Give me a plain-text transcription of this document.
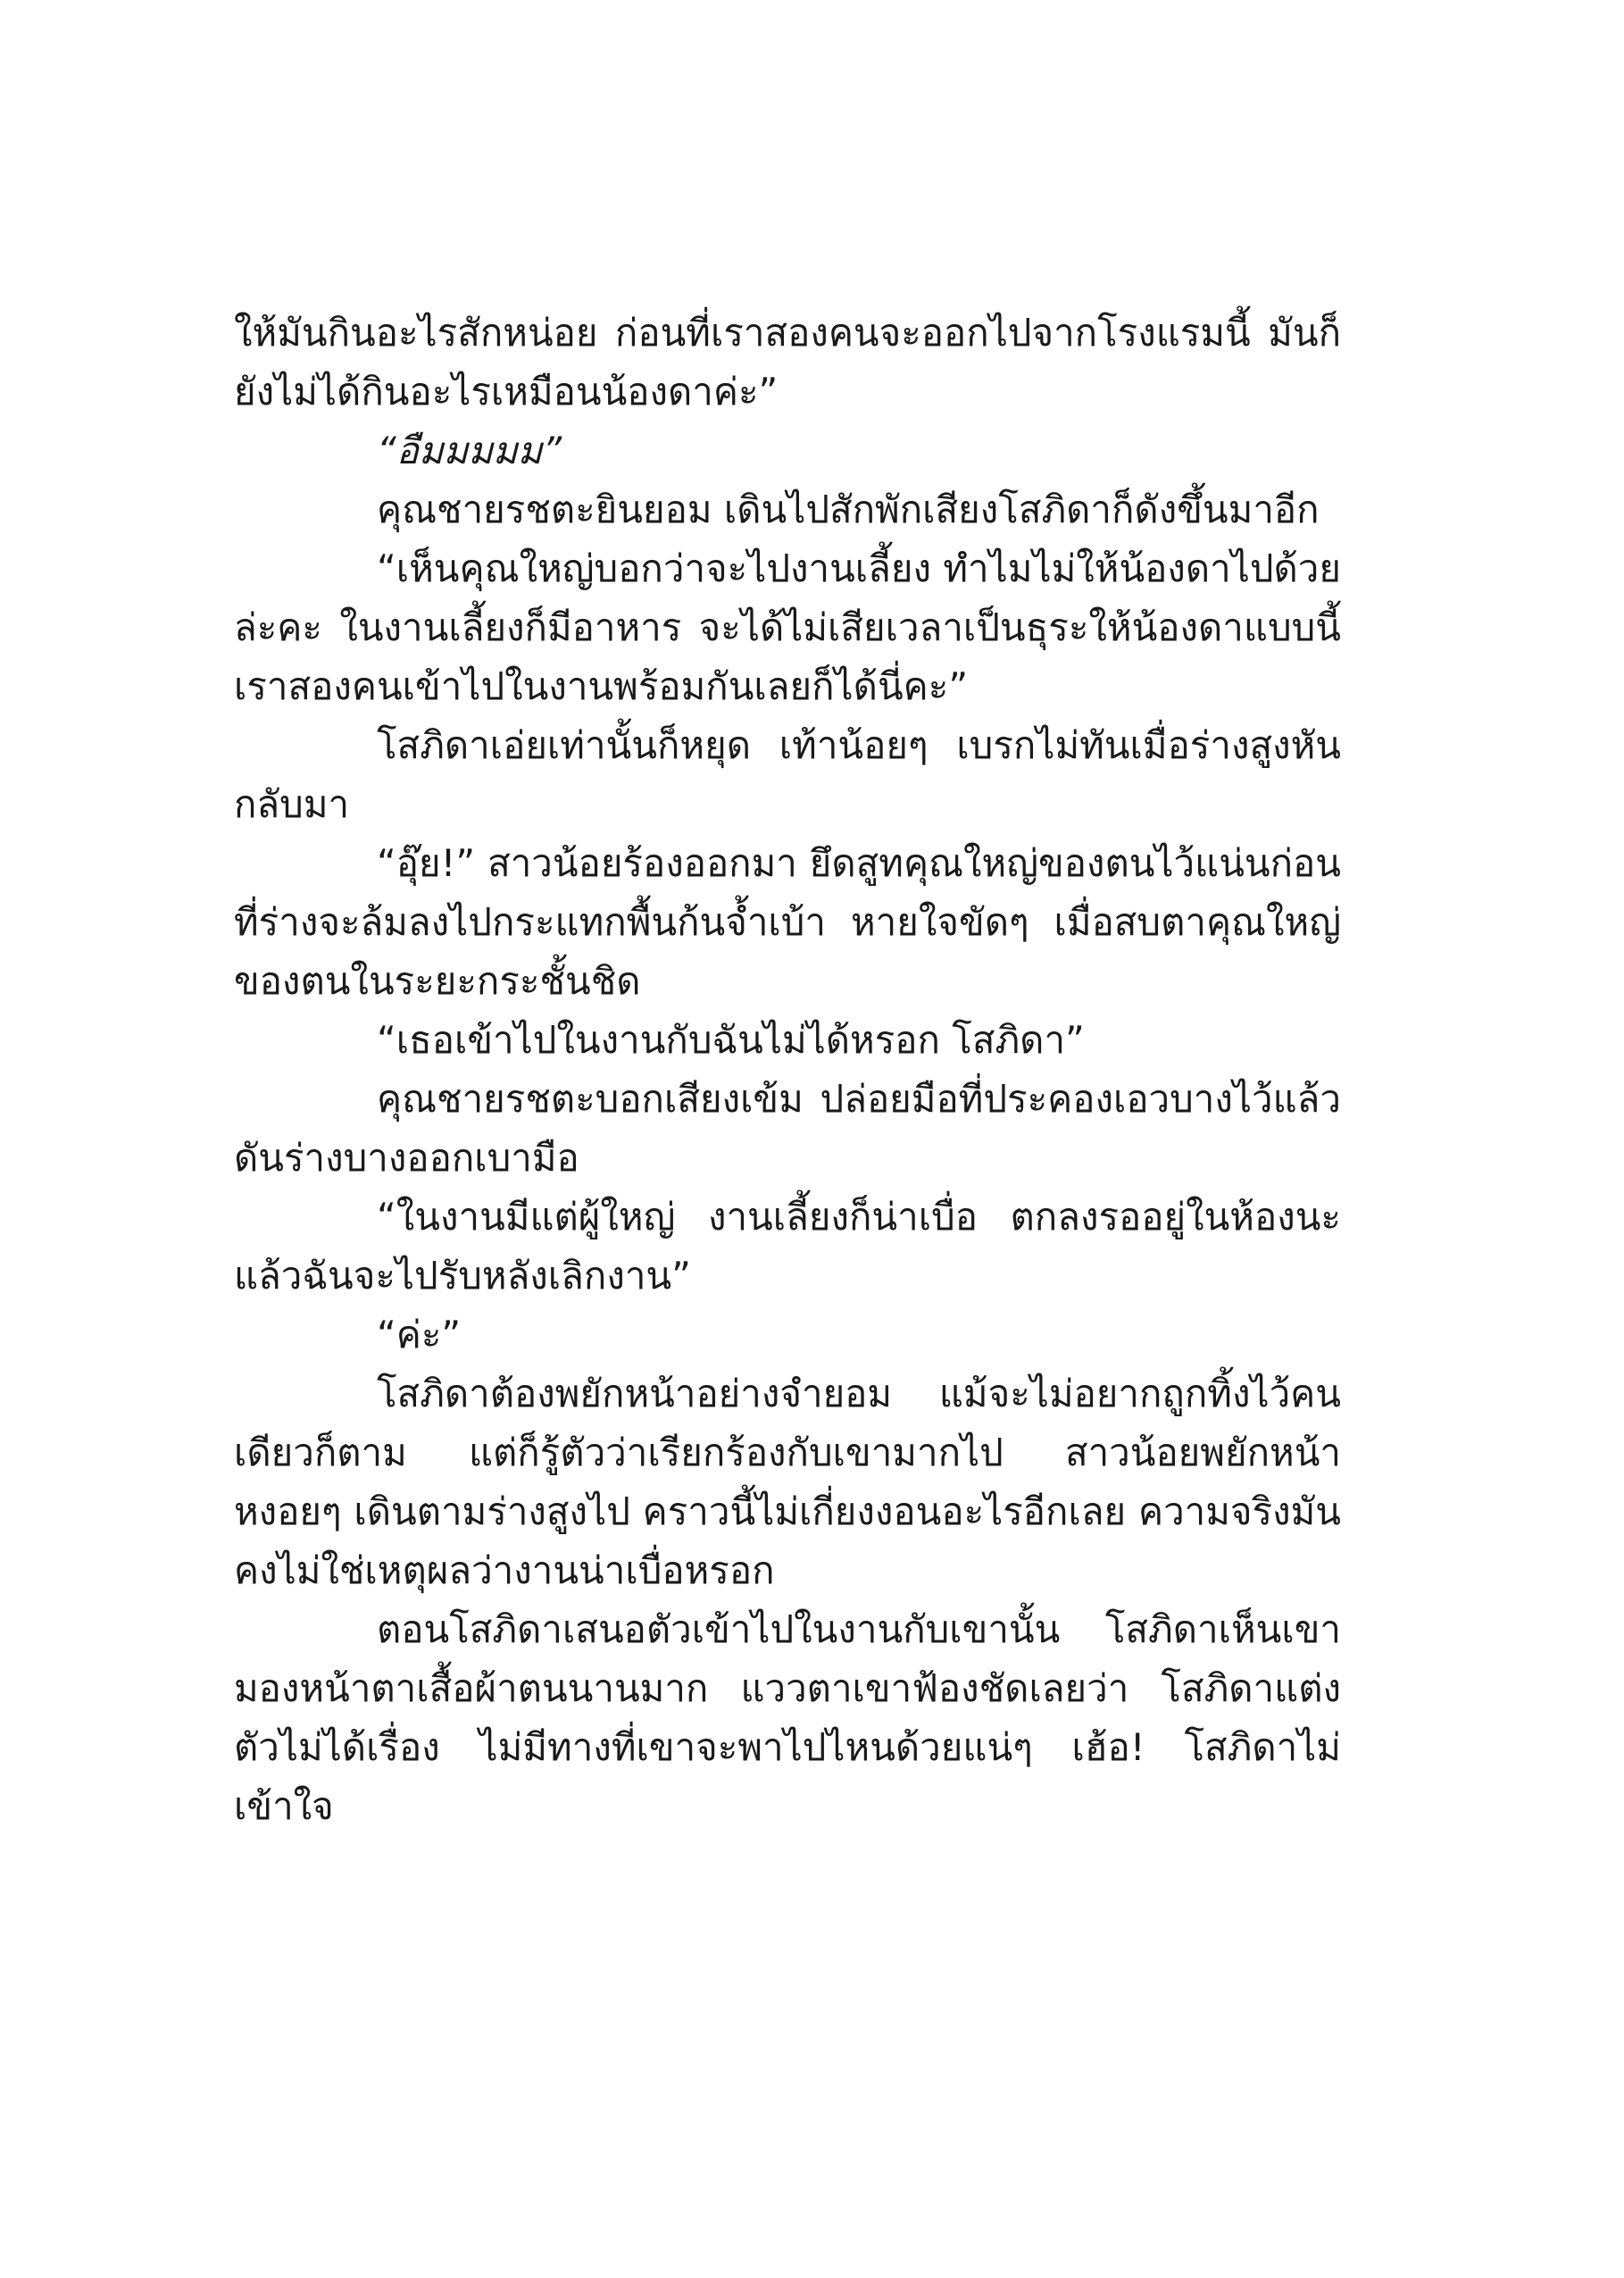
ให้มันกินอะไรสักหน่อย ก่อนที่เราสองคนจะออกไปจากโรงแรมนี้ มันก็ยังไม่ได้กินอะไรเหมือนน้องดาค่ะ”

“อืมมมมม”

คุณชายรชตะยินยอม เดินไปสักพักเสียงโสภิดาก็ดังขึ้นมาอีก

“เห็นคุณใหญ่บอกว่าจะไปงานเลี้ยง ทำไมไม่ให้น้องดาไปด้วยล่ะคะ ในงานเลี้ยงก็มีอาหาร จะได้ไม่เสียเวลาเป็นธุระให้น้องดาแบบนี้ เราสองคนเข้าไปในงานพร้อมกันเลยก็ได้นี่คะ”

โสภิดาเอ่ยเท่านั้นก็หยุด เท้าน้อยๆ เบรกไม่ทันเมื่อร่างสูงหันกลับมา

“อุ๊ย!” สาวน้อยร้องออกมา ยึดสูทคุณใหญ่ของตนไว้แน่นก่อนที่ร่างจะล้มลงไปกระแทกพื้นก้นจ้ำเบ้า หายใจขัดๆ เมื่อสบตาคุณใหญ่ของตนในระยะกระชั้นชิด

“เธอเข้าไปในงานกับฉันไม่ได้หรอก โสภิดา”

คุณชายรชตะบอกเสียงเข้ม ปล่อยมือที่ประคองเอวบางไว้แล้วดันร่างบางออกเบามือ

“ในงานมีแต่ผู้ใหญ่ งานเลี้ยงก็น่าเบื่อ ตกลงรออยู่ในห้องนะแล้วฉันจะไปรับหลังเลิกงาน”

“ค่ะ”

โสภิดาต้องพยักหน้าอย่างจำยอม แม้จะไม่อยากถูกทิ้งไว้คนเดียวก็ตาม แต่ก็รู้ตัวว่าเรียกร้องกับเขามากไป สาวน้อยพยักหน้าหงอยๆ เดินตามร่างสูงไป คราวนี้ไม่เกี่ยงงอนอะไรอีกเลย ความจริงมันคงไม่ใช่เหตุผลว่างานน่าเบื่อหรอก

ตอนโสภิดาเสนอตัวเข้าไปในงานกับเขานั้น โสภิดาเห็นเขามองหน้าตาเสื้อผ้าตนนานมาก แววตาเขาฟ้องชัดเลยว่า โสภิดาแต่งตัวไม่ได้เรื่อง ไม่มีทางที่เขาจะพาไปไหนด้วยแน่ๆ เฮ้อ! โสภิดาไม่เข้าใจ
